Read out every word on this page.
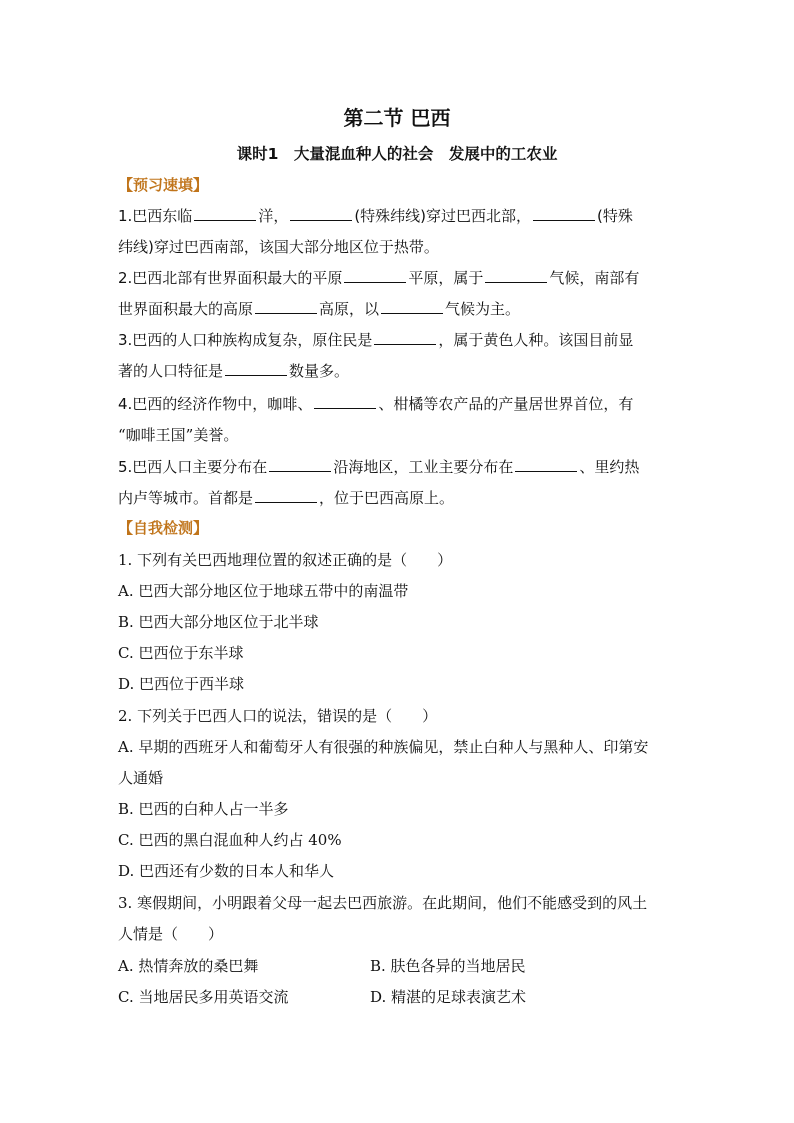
第二节 巴西
课时1　大量混血种人的社会　发展中的工农业
【预习速填】
1.巴西东临	洋，	(特殊纬线)穿过巴西北部，	(特殊
纬线)穿过巴西南部，该国大部分地区位于热带。
2.巴西北部有世界面积最大的平原	平原，属于	气候，南部有
世界面积最大的高原	高原，以	气候为主。
3.巴西的人口种族构成复杂，原住民是	，属于黄色人种。该国目前显
著的人口特征是	数量多。
4.巴西的经济作物中，咖啡、	、柑橘等农产品的产量居世界首位，有
“咖啡王国”美誉。
5.巴西人口主要分布在	沿海地区，工业主要分布在	、里约热
内卢等城市。首都是	，位于巴西高原上。
【自我检测】
1. 下列有关巴西地理位置的叙述正确的是（　　）
A. 巴西大部分地区位于地球五带中的南温带
B. 巴西大部分地区位于北半球
C. 巴西位于东半球
D. 巴西位于西半球
2. 下列关于巴西人口的说法，错误的是（　　）
A. 早期的西班牙人和葡萄牙人有很强的种族偏见，禁止白种人与黑种人、印第安
人通婚
B. 巴西的白种人占一半多
C. 巴西的黑白混血种人约占 40%
D. 巴西还有少数的日本人和华人
3. 寒假期间，小明跟着父母一起去巴西旅游。在此期间，他们不能感受到的风土
人情是（　　）
A. 热情奔放的桑巴舞	B. 肤色各异的当地居民
C. 当地居民多用英语交流	D. 精湛的足球表演艺术
